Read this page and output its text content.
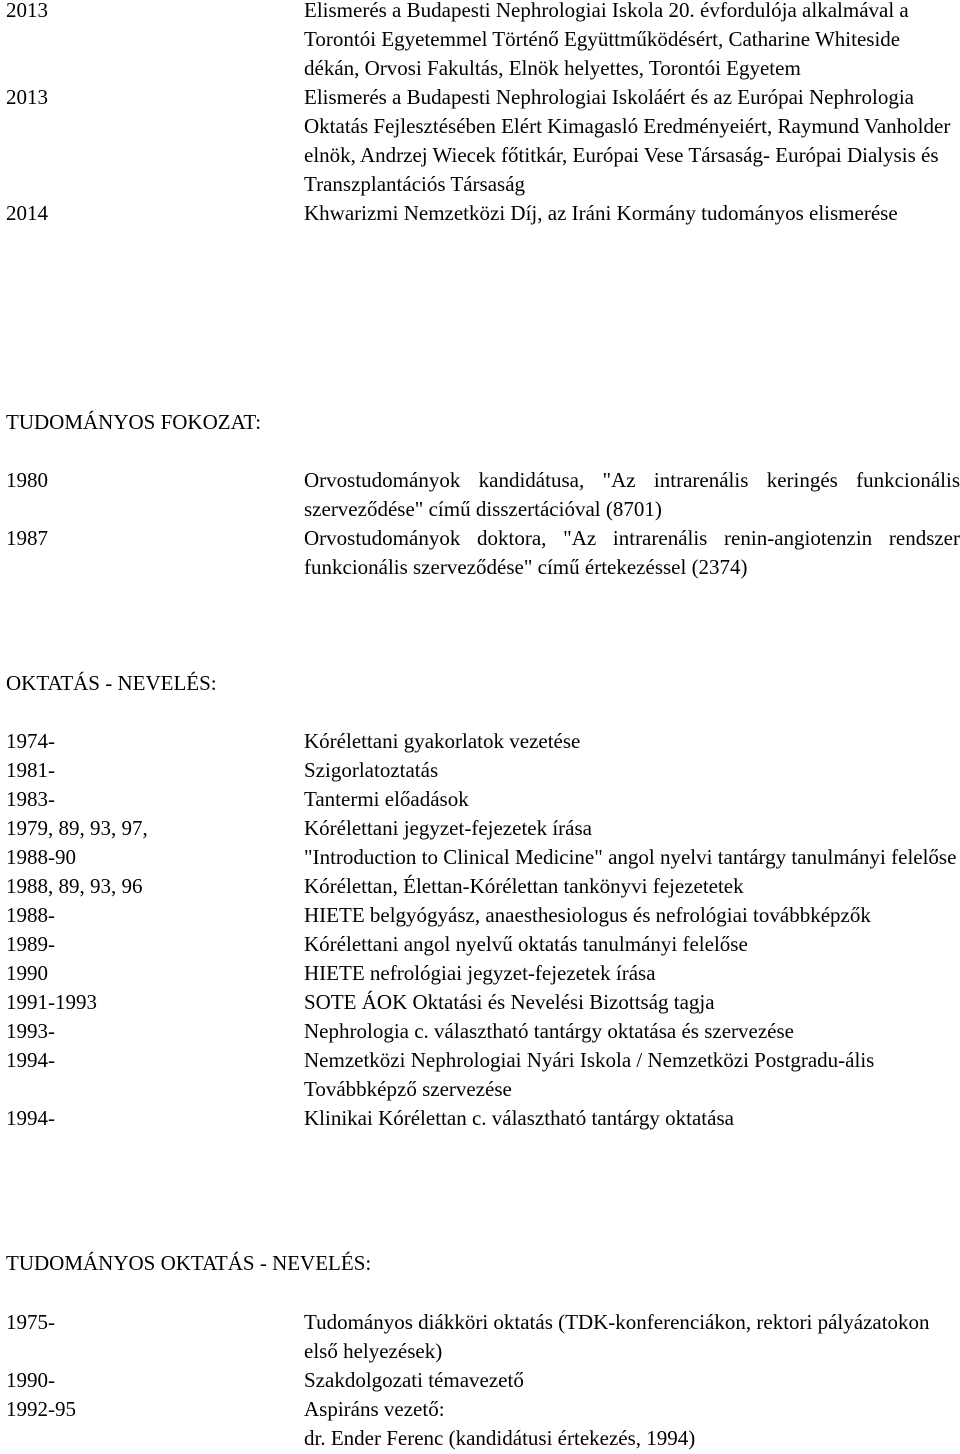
2013	Elismerés a Budapesti Nephrologiai Iskola 20. évfordulója alkalmával a Torontói Egyetemmel Történő Együttműködésért, Catharine Whiteside dékán, Orvosi Fakultás, Elnök helyettes, Torontói Egyetem
2013	Elismerés a Budapesti Nephrologiai Iskoláért és az Európai Nephrologia Oktatás Fejlesztésében Elért Kimagasló Eredményeiért, Raymund Vanholder elnök, Andrzej Wiecek főtitkár, Európai Vese Társaság- Európai Dialysis és Transzplantációs Társaság
2014	Khwarizmi Nemzetközi Díj, az Iráni Kormány tudományos elismerése
TUDOMÁNYOS FOKOZAT:
1980	Orvostudományok kandidátusa, "Az intrarenális keringés funkcionális szerveződése" című disszertációval (8701)
1987	Orvostudományok doktora, "Az intrarenális renin-angiotenzin rendszer funkcionális szerveződése" című értekezéssel (2374)
OKTATÁS - NEVELÉS:
1974-	Kórélettani gyakorlatok vezetése
1981-	Szigorlatoztatás
1983-	Tantermi előadások
1979, 89, 93, 97,	Kórélettani jegyzet-fejezetek írása
1988-90	"Introduction to Clinical Medicine" angol nyelvi tantárgy tanulmányi felelőse
1988, 89, 93, 96	Kórélettan, Élettan-Kórélettan tankönyvi fejezetetek
1988-	HIETE belgyógyász, anaesthesiologus és nefrológiai továbbképzők
1989-	Kórélettani angol nyelvű oktatás tanulmányi felelőse
1990	HIETE nefrológiai jegyzet-fejezetek írása
1991-1993	SOTE ÁOK Oktatási és Nevelési Bizottság tagja
1993-	Nephrologia c. választható tantárgy oktatása és szervezése
1994-	Nemzetközi Nephrologiai Nyári Iskola / Nemzetközi Postgradu-ális Továbbképző szervezése
1994-	Klinikai Kórélettan c. választható tantárgy oktatása
TUDOMÁNYOS OKTATÁS - NEVELÉS:
1975-	Tudományos diákköri oktatás (TDK-konferenciákon, rektori pályázatokon első helyezések)
1990-	Szakdolgozati témavezető
1992-95	Aspiráns vezető:
dr. Ender Ferenc (kandidátusi értekezés, 1994)
